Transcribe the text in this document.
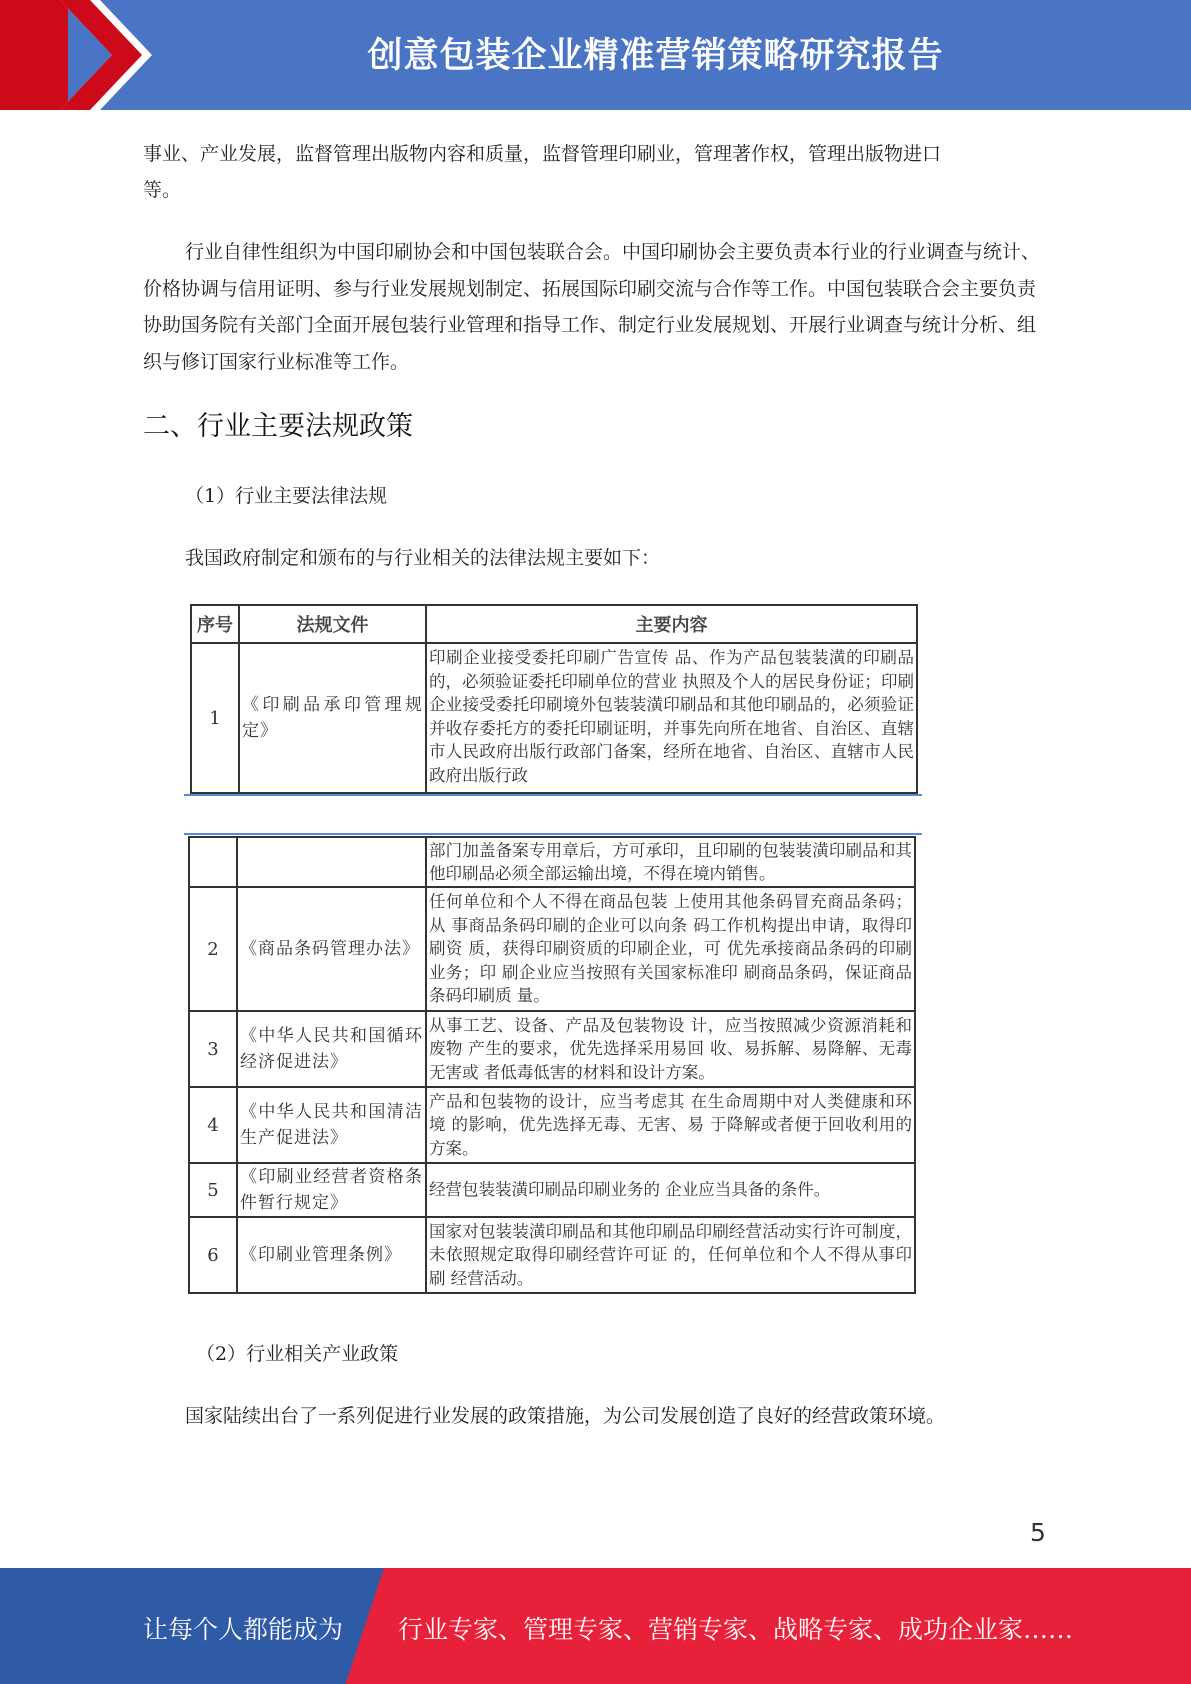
创意包装企业精准营销策略研究报告
事业、产业发展，监督管理出版物内容和质量，监督管理印刷业，管理著作权，管理出版物进口
等。
行业自律性组织为中国印刷协会和中国包装联合会。中国印刷协会主要负责本行业的行业调查与统计、价格协调与信用证明、参与行业发展规划制定、拓展国际印刷交流与合作等工作。中国包装联合会主要负责协助国务院有关部门全面开展包装行业管理和指导工作、制定行业发展规划、开展行业调查与统计分析、组织与修订国家行业标准等工作。
二、行业主要法规政策
（1）行业主要法律法规
我国政府制定和颁布的与行业相关的法律法规主要如下：
序号	法规文件	主要内容
1	《印刷品承印管理规定》	印刷企业接受委托印刷广告宣传 品、作为产品包装装潢的印刷品 的，必须验证委托印刷单位的营业 执照及个人的居民身份证；印刷企业接受委托印刷境外包装装潢印刷品和其他印刷品的，必须验证并收存委托方的委托印刷证明，并事先向所在地省、自治区、直辖市人民政府出版行政部门备案，经所在地省、自治区、直辖市人民政府出版行政
		部门加盖备案专用章后，方可承印，且印刷的包装装潢印刷品和其他印刷品必须全部运输出境，不得在境内销售。
2	《商品条码管理办法》	任何单位和个人不得在商品包装 上使用其他条码冒充商品条码；从 事商品条码印刷的企业可以向条 码工作机构提出申请，取得印刷资 质，获得印刷资质的印刷企业，可 优先承接商品条码的印刷业务；印 刷企业应当按照有关国家标准印 刷商品条码，保证商品条码印刷质 量。
3	《中华人民共和国循环经济促进法》	从事工艺、设备、产品及包装物设 计，应当按照减少资源消耗和废物 产生的要求，优先选择采用易回 收、易拆解、易降解、无毒无害或 者低毒低害的材料和设计方案。
4	《中华人民共和国清洁生产促进法》	产品和包装物的设计，应当考虑其 在生命周期中对人类健康和环境 的影响，优先选择无毒、无害、易 于降解或者便于回收利用的方案。
5	《印刷业经营者资格条件暂行规定》	经营包装装潢印刷品印刷业务的 企业应当具备的条件。
6	《印刷业管理条例》	国家对包装装潢印刷品和其他印刷品印刷经营活动实行许可制度， 未依照规定取得印刷经营许可证 的，任何单位和个人不得从事印刷 经营活动。
（2）行业相关产业政策
国家陆续出台了一系列促进行业发展的政策措施，为公司发展创造了良好的经营政策环境。
5
让每个人都能成为 行业专家、管理专家、营销专家、战略专家、成功企业家……
